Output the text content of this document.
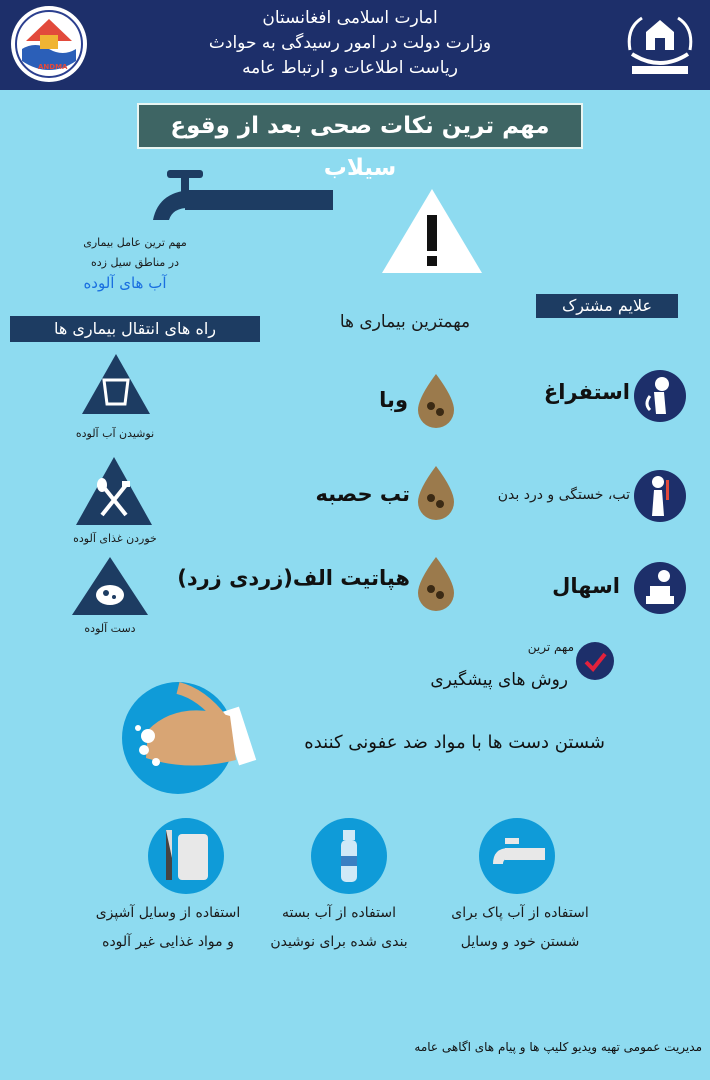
ANDMA
امارت اسلامی افغانستان
وزارت دولت در امور رسیدگی به حوادث
ریاست اطلاعات و ارتباط عامه
مهم ترین نکات صحی بعد از وقوع سیلاب
مهم ترین عامل بیماری
در مناطق سیل زده
آب های آلوده
علایم مشترک
مهمترین بیماری ها
راه های انتقال بیماری ها
نوشیدن آب آلوده
خوردن غذای آلوده
دست آلوده
وبا
تب حصبه
هپاتیت الف(زردی زرد)
استفراغ
تب، خستگی و درد بدن
اسهال
مهم ترین
روش های پیشگیری
شستن دست ها با مواد ضد عفونی کننده
استفاده از وسایل آشپزی
و مواد غذایی غیر آلوده
استفاده از آب بسته
بندی شده برای نوشیدن
استفاده از آب پاک برای
شستن خود و وسایل
مدیریت عمومی تهیه ویدیو کلیپ ها و پیام های اگاهی عامه
